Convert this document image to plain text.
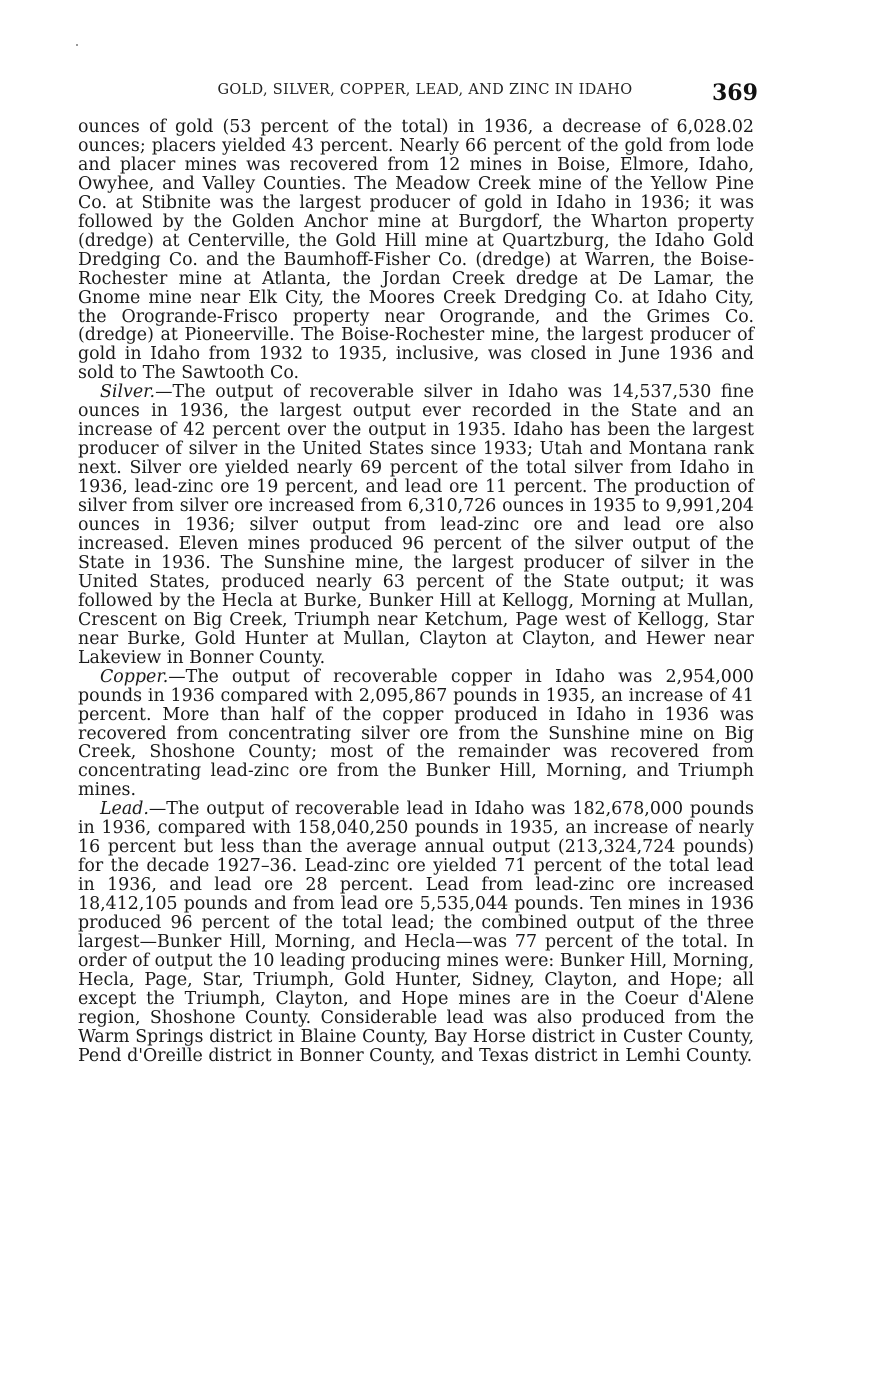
GOLD, SILVER, COPPER, LEAD, AND ZINC IN IDAHO	369

ounces of gold (53 percent of the total) in 1936, a decrease of 6,028.02 ounces; placers yielded 43 percent. Nearly 66 percent of the gold from lode and placer mines was recovered from 12 mines in Boise, Elmore, Idaho, Owyhee, and Valley Counties. The Meadow Creek mine of the Yellow Pine Co. at Stibnite was the largest producer of gold in Idaho in 1936; it was followed by the Golden Anchor mine at Burgdorf, the Wharton property (dredge) at Centerville, the Gold Hill mine at Quartzburg, the Idaho Gold Dredging Co. and the Baumhoff-Fisher Co. (dredge) at Warren, the Boise-Rochester mine at Atlanta, the Jordan Creek dredge at De Lamar, the Gnome mine near Elk City, the Moores Creek Dredging Co. at Idaho City, the Orogrande-Frisco property near Orogrande, and the Grimes Co. (dredge) at Pioneerville. The Boise-Rochester mine, the largest producer of gold in Idaho from 1932 to 1935, inclusive, was closed in June 1936 and sold to The Sawtooth Co.

Silver.—The output of recoverable silver in Idaho was 14,537,530 fine ounces in 1936, the largest output ever recorded in the State and an increase of 42 percent over the output in 1935. Idaho has been the largest producer of silver in the United States since 1933; Utah and Montana rank next. Silver ore yielded nearly 69 percent of the total silver from Idaho in 1936, lead-zinc ore 19 percent, and lead ore 11 percent. The production of silver from silver ore increased from 6,310,726 ounces in 1935 to 9,991,204 ounces in 1936; silver output from lead-zinc ore and lead ore also increased. Eleven mines produced 96 percent of the silver output of the State in 1936. The Sunshine mine, the largest producer of silver in the United States, produced nearly 63 percent of the State output; it was followed by the Hecla at Burke, Bunker Hill at Kellogg, Morning at Mullan, Crescent on Big Creek, Triumph near Ketchum, Page west of Kellogg, Star near Burke, Gold Hunter at Mullan, Clayton at Clayton, and Hewer near Lakeview in Bonner County.

Copper.—The output of recoverable copper in Idaho was 2,954,000 pounds in 1936 compared with 2,095,867 pounds in 1935, an increase of 41 percent. More than half of the copper produced in Idaho in 1936 was recovered from concentrating silver ore from the Sunshine mine on Big Creek, Shoshone County; most of the remainder was recovered from concentrating lead-zinc ore from the Bunker Hill, Morning, and Triumph mines.

Lead.—The output of recoverable lead in Idaho was 182,678,000 pounds in 1936, compared with 158,040,250 pounds in 1935, an increase of nearly 16 percent but less than the average annual output (213,324,724 pounds) for the decade 1927–36. Lead-zinc ore yielded 71 percent of the total lead in 1936, and lead ore 28 percent. Lead from lead-zinc ore increased 18,412,105 pounds and from lead ore 5,535,044 pounds. Ten mines in 1936 produced 96 percent of the total lead; the combined output of the three largest—Bunker Hill, Morning, and Hecla—was 77 percent of the total. In order of output the 10 leading producing mines were: Bunker Hill, Morning, Hecla, Page, Star, Triumph, Gold Hunter, Sidney, Clayton, and Hope; all except the Triumph, Clayton, and Hope mines are in the Coeur d'Alene region, Shoshone County. Considerable lead was also produced from the Warm Springs district in Blaine County, Bay Horse district in Custer County, Pend d'Oreille district in Bonner County, and Texas district in Lemhi County.
